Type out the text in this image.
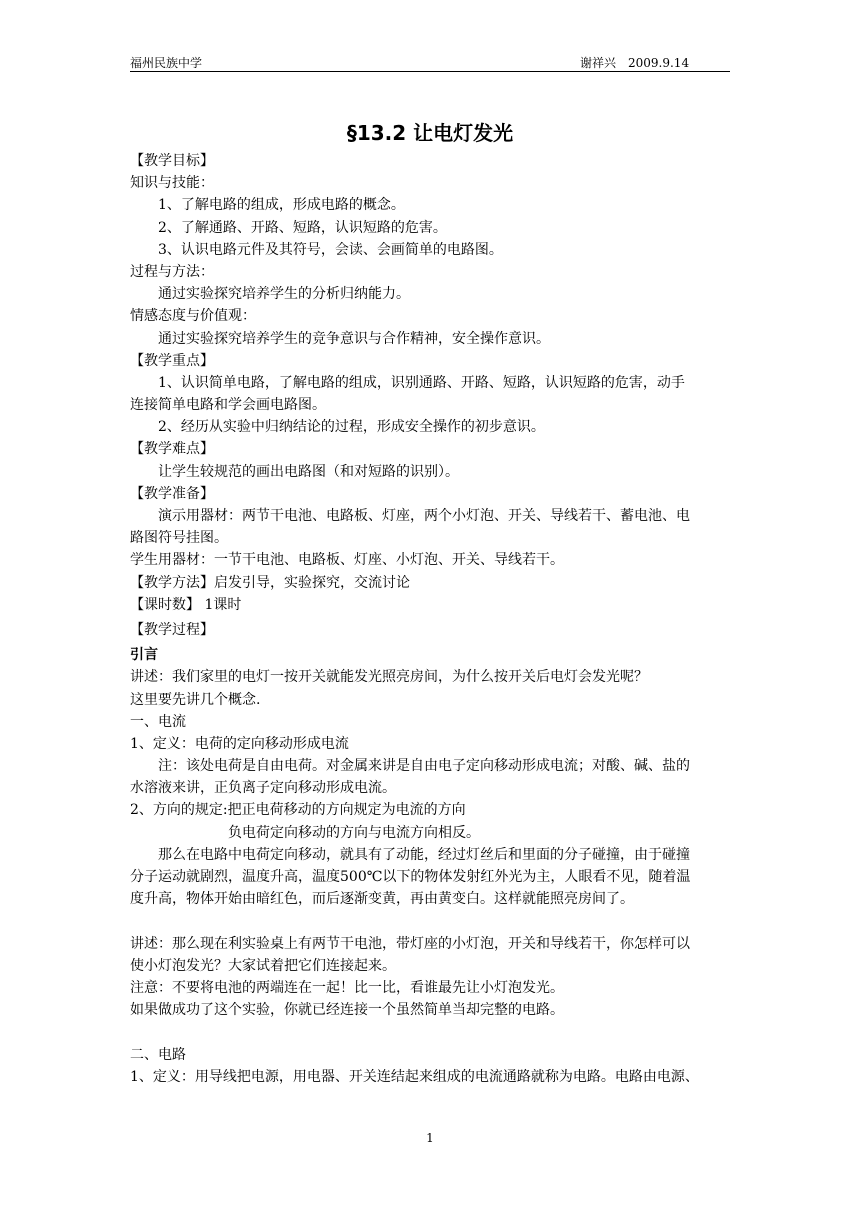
福州民族中学	谢祥兴　2009.9.14
§13.2 让电灯发光
【教学目标】
知识与技能：
1、了解电路的组成，形成电路的概念。
2、了解通路、开路、短路，认识短路的危害。
3、认识电路元件及其符号，会读、会画简单的电路图。
过程与方法：
通过实验探究培养学生的分析归纳能力。
情感态度与价值观：
通过实验探究培养学生的竞争意识与合作精神，安全操作意识。
【教学重点】
1、认识简单电路，了解电路的组成，识别通路、开路、短路，认识短路的危害，动手
连接简单电路和学会画电路图。
2、经历从实验中归纳结论的过程，形成安全操作的初步意识。
【教学难点】
让学生较规范的画出电路图（和对短路的识别）。
【教学准备】
演示用器材：两节干电池、电路板、灯座，两个小灯泡、开关、导线若干、蓄电池、电
路图符号挂图。
学生用器材：一节干电池、电路板、灯座、小灯泡、开关、导线若干。
【教学方法】启发引导，实验探究，交流讨论
【课时数】 1课时
【教学过程】
引言
讲述：我们家里的电灯一按开关就能发光照亮房间，为什么按开关后电灯会发光呢？
这里要先讲几个概念.
一、电流
1、定义：电荷的定向移动形成电流
注：该处电荷是自由电荷。对金属来讲是自由电子定向移动形成电流；对酸、碱、盐的
水溶液来讲，正负离子定向移动形成电流。
2、方向的规定:把正电荷移动的方向规定为电流的方向
负电荷定向移动的方向与电流方向相反。
那么在电路中电荷定向移动，就具有了动能，经过灯丝后和里面的分子碰撞，由于碰撞
分子运动就剧烈，温度升高，温度500℃以下的物体发射红外光为主，人眼看不见，随着温
度升高，物体开始由暗红色，而后逐渐变黄，再由黄变白。这样就能照亮房间了。
讲述：那么现在利实验桌上有两节干电池，带灯座的小灯泡，开关和导线若干，你怎样可以
使小灯泡发光？大家试着把它们连接起来。
注意：不要将电池的两端连在一起！比一比，看谁最先让小灯泡发光。
如果做成功了这个实验，你就已经连接一个虽然简单当却完整的电路。
二、电路
1、定义：用导线把电源，用电器、开关连结起来组成的电流通路就称为电路。电路由电源、
1
